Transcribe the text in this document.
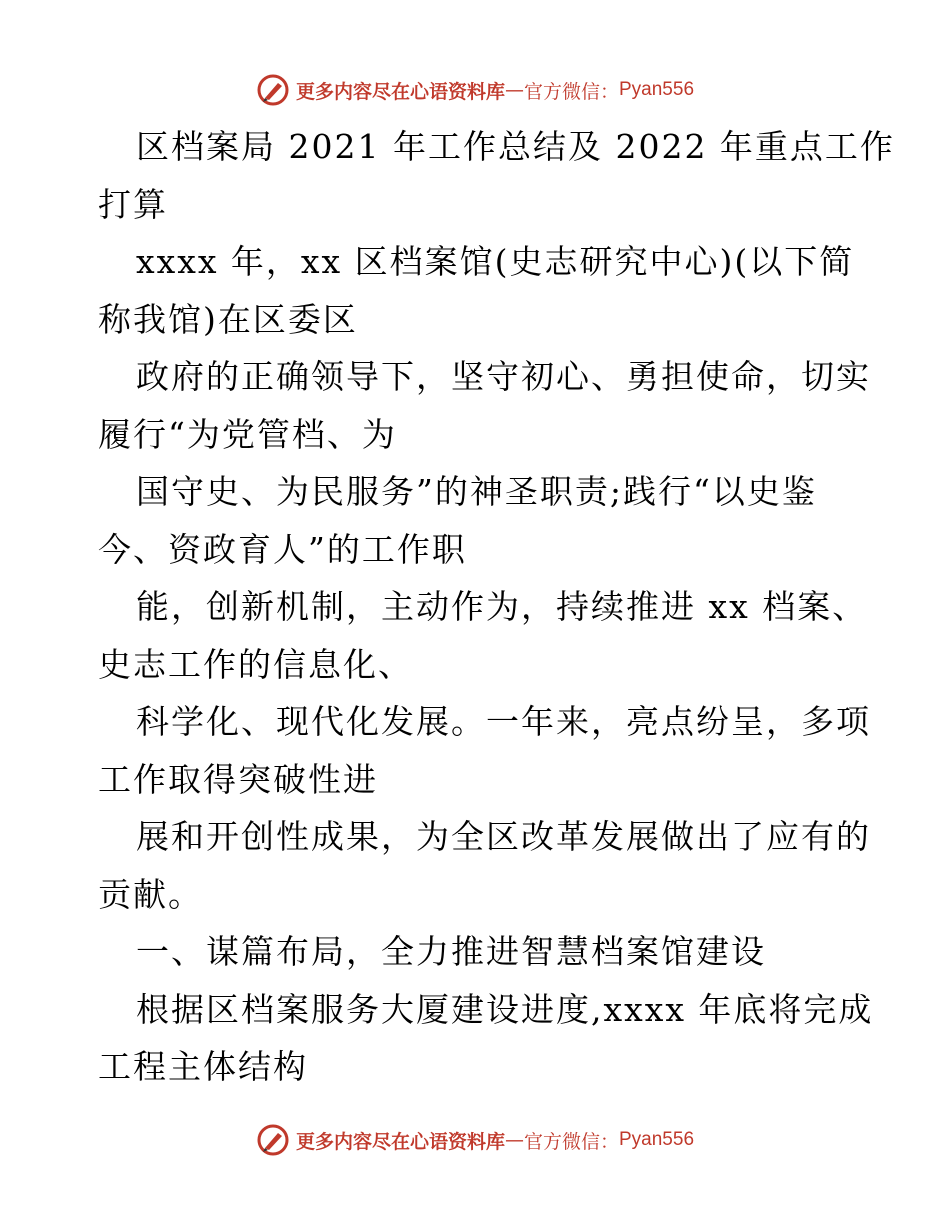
更多内容尽在心语资料库 — 官方微信： Pyan556
区档案局 2021 年工作总结及 2022 年重点工作
打算
xxxx 年，xx 区档案馆(史志研究中心)(以下简
称我馆)在区委区
政府的正确领导下，坚守初心、勇担使命，切实
履行“为党管档、为
国守史、为民服务”的神圣职责;践行“以史鉴
今、资政育人”的工作职
能，创新机制，主动作为，持续推进 xx 档案、
史志工作的信息化、
科学化、现代化发展。一年来，亮点纷呈，多项
工作取得突破性进
展和开创性成果，为全区改革发展做出了应有的
贡献。
一、谋篇布局，全力推进智慧档案馆建设
根据区档案服务大厦建设进度,xxxx 年底将完成
工程主体结构
更多内容尽在心语资料库 — 官方微信： Pyan556
